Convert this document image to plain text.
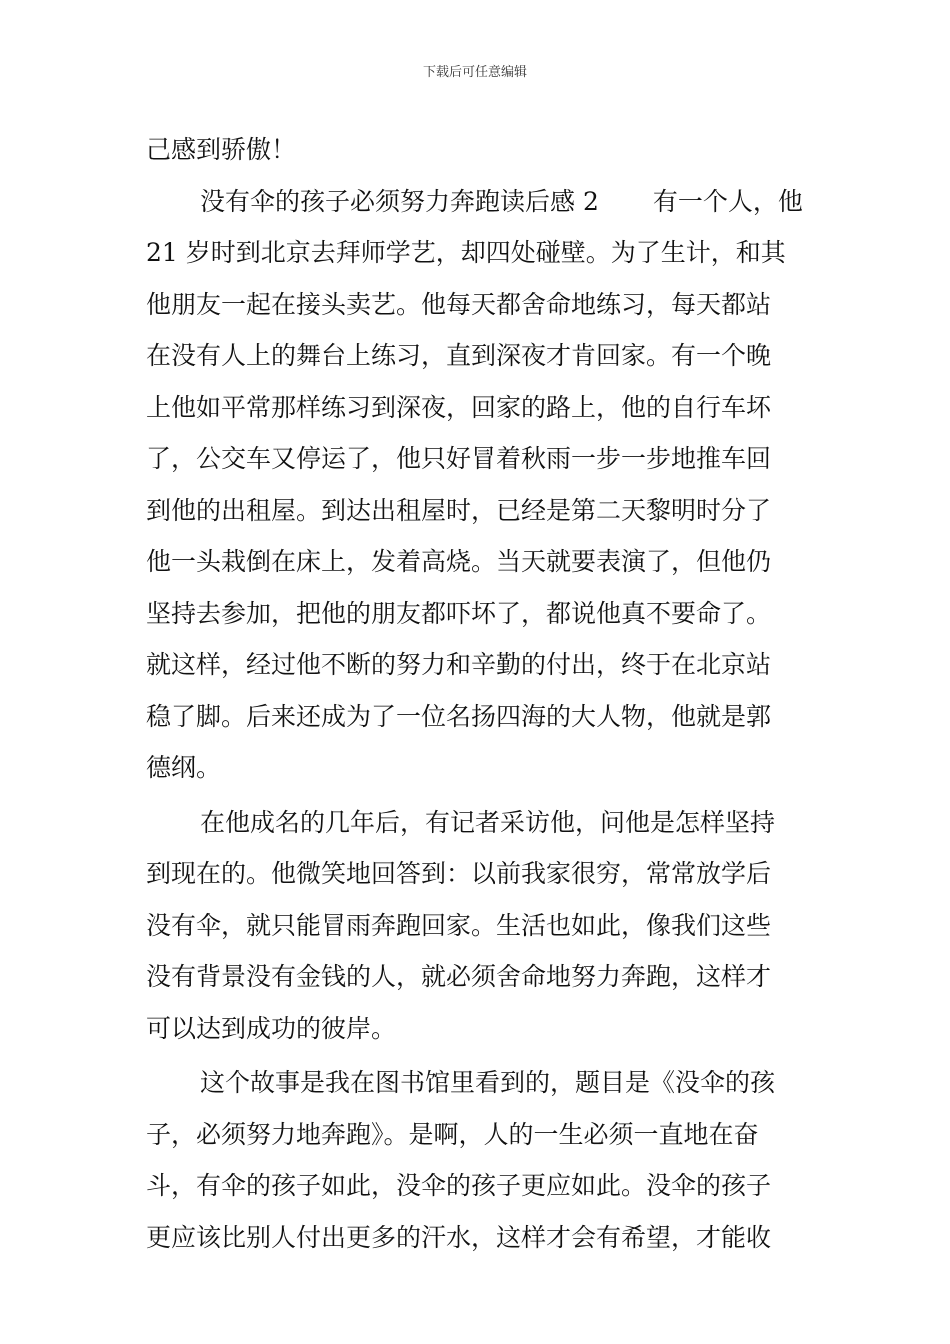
下载后可任意编辑
己感到骄傲！
没有伞的孩子必须努力奔跑读后感 2 有一个人，他
21 岁时到北京去拜师学艺，却四处碰壁。为了生计，和其
他朋友一起在接头卖艺。他每天都舍命地练习，每天都站
在没有人上的舞台上练习，直到深夜才肯回家。有一个晚
上他如平常那样练习到深夜，回家的路上，他的自行车坏
了，公交车又停运了，他只好冒着秋雨一步一步地推车回
到他的出租屋。到达出租屋时，已经是第二天黎明时分了
他一头栽倒在床上，发着高烧。当天就要表演了，但他仍
坚持去参加，把他的朋友都吓坏了，都说他真不要命了。
就这样，经过他不断的努力和辛勤的付出，终于在北京站
稳了脚。后来还成为了一位名扬四海的大人物，他就是郭
德纲。
在他成名的几年后，有记者采访他，问他是怎样坚持
到现在的。他微笑地回答到：以前我家很穷，常常放学后
没有伞，就只能冒雨奔跑回家。生活也如此，像我们这些
没有背景没有金钱的人，就必须舍命地努力奔跑，这样才
可以达到成功的彼岸。
这个故事是我在图书馆里看到的，题目是《没伞的孩
子，必须努力地奔跑》。是啊，人的一生必须一直地在奋
斗，有伞的孩子如此，没伞的孩子更应如此。没伞的孩子
更应该比别人付出更多的汗水，这样才会有希望，才能收
